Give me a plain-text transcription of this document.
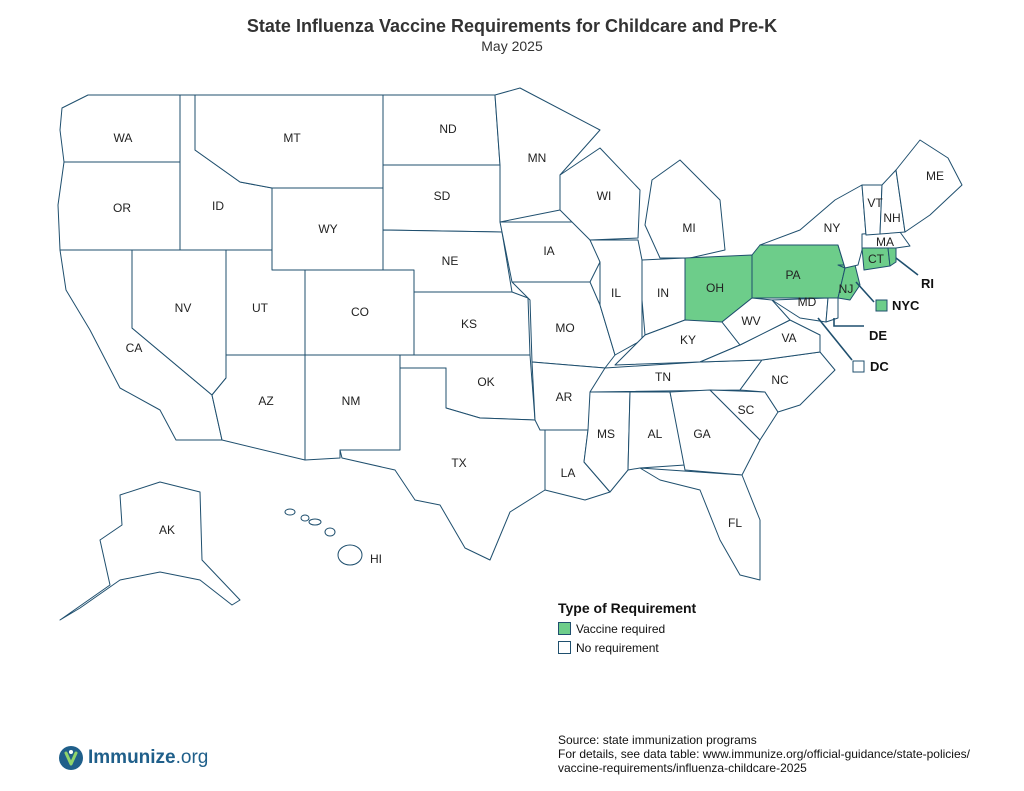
State Influenza Vaccine Requirements for Childcare and Pre-K
May 2025
WA
OR
CA
NV
ID
MT
WY
UT	CO
AZ	NM
ND
SD
NE
KS
OK
TX
MN
IA
MO
AR
LA
WI
IL
MI
IN	OH
KY
TN
MS	AL	GA
FL
SC
NC
VA
WV
MD
PA
NJ
NY
CT
MA
VT
NH
ME
AK
HI
RI
NYC
DE
DC
Type of Requirement
Vaccine required
No requirement
Source: state immunization programs
For details, see data table: www.immunize.org/official-guidance/state-policies/
vaccine-requirements/influenza-childcare-2025
Immunize.org
